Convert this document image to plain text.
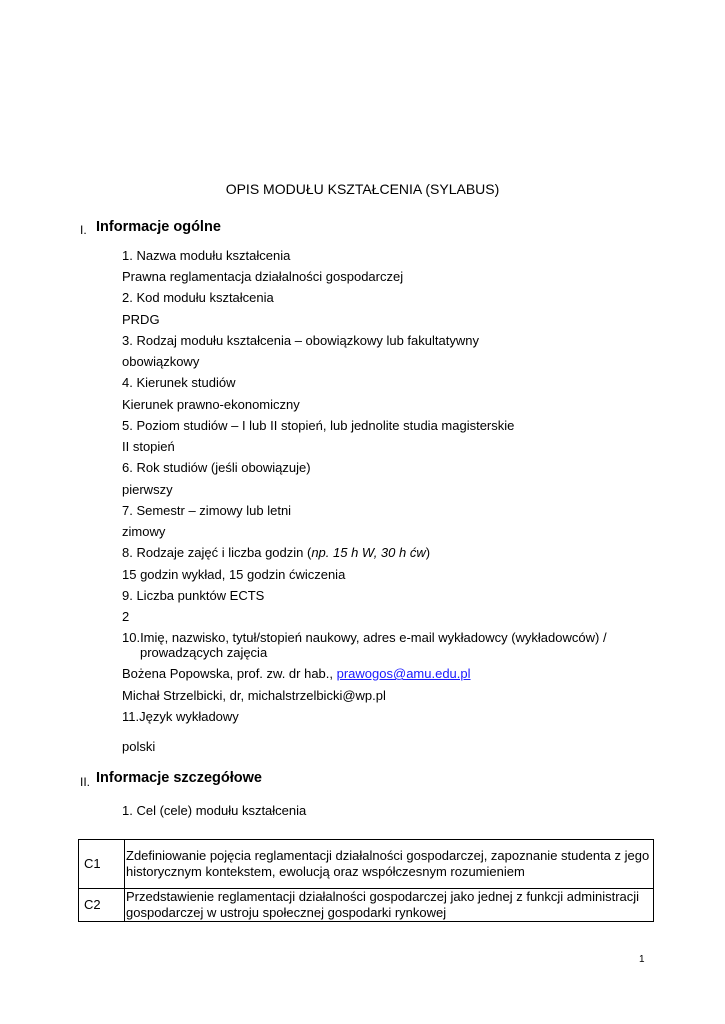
OPIS MODUŁU KSZTAŁCENIA (SYLABUS)
I. Informacje ogólne
1. Nazwa modułu kształcenia
Prawna reglamentacja działalności gospodarczej
2. Kod modułu kształcenia
PRDG
3. Rodzaj modułu kształcenia – obowiązkowy lub fakultatywny
obowiązkowy
4. Kierunek studiów
Kierunek prawno-ekonomiczny
5. Poziom studiów – I lub II stopień, lub jednolite studia magisterskie
II stopień
6. Rok studiów (jeśli obowiązuje)
pierwszy
7. Semestr – zimowy lub letni
zimowy
8. Rodzaje zajęć i liczba godzin (np. 15 h W, 30 h ćw)
15 godzin wykład, 15 godzin ćwiczenia
9. Liczba punktów ECTS
2
10.Imię, nazwisko, tytuł/stopień naukowy, adres e-mail wykładowcy (wykładowców) /
prowadzących zajęcia
Bożena Popowska, prof. zw. dr hab., prawogos@amu.edu.pl
Michał Strzelbicki, dr, michalstrzelbicki@wp.pl
11.Język wykładowy
polski
II. Informacje szczegółowe
1. Cel (cele) modułu kształcenia
C1	Zdefiniowanie pojęcia reglamentacji działalności gospodarczej, zapoznanie studenta z jego
historycznym kontekstem, ewolucją oraz współczesnym rozumieniem

C2	Przedstawienie reglamentacji działalności gospodarczej jako jednej z funkcji administracji
gospodarczej w ustroju społecznej gospodarki rynkowej
1
